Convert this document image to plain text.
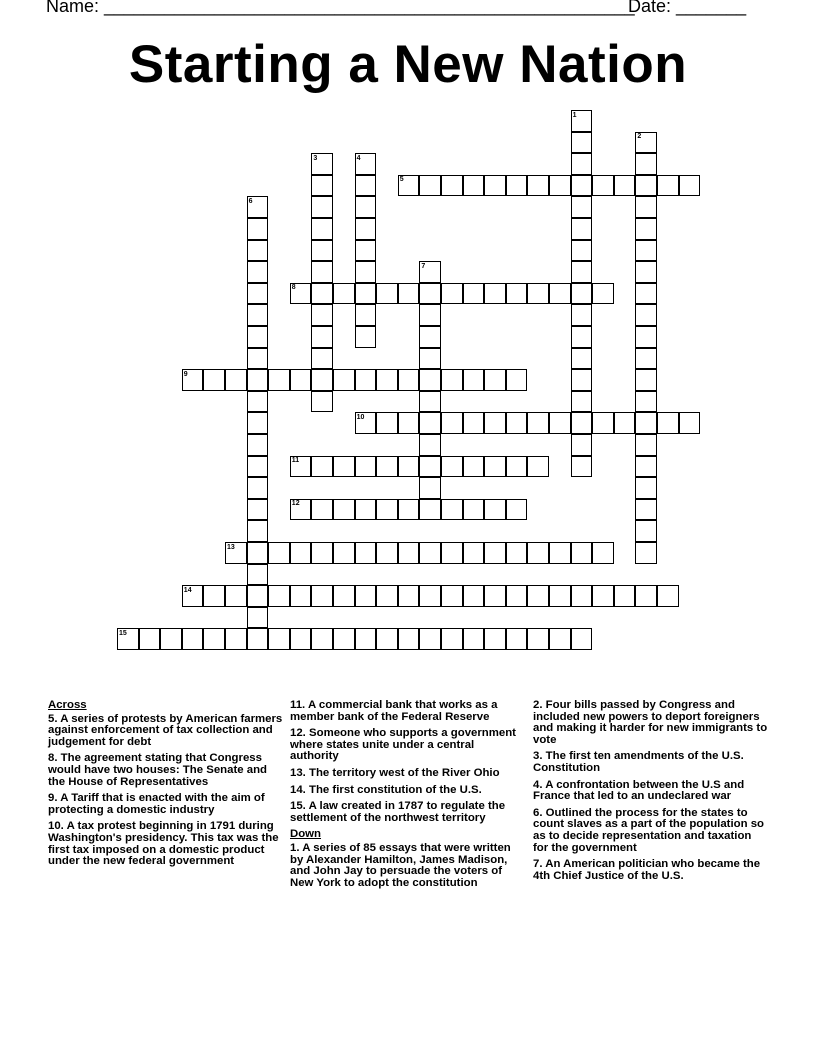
Name: _____________________________________________________
Date: _______
Starting a New Nation
1
2
3	4
5
6
7
8
9
10
11
12
13
14
15
Across
5. A series of protests by American farmers against enforcement of tax collection and judgement for debt
8. The agreement stating that Congress would have two houses: The Senate and the House of Representatives
9. A Tariff that is enacted with the aim of protecting a domestic industry
10. A tax protest beginning in 1791 during Washington's presidency. This tax was the first tax imposed on a domestic product under the new federal government
11. A commercial bank that works as a member bank of the Federal Reserve
12. Someone who supports a government where states unite under a central authority
13. The territory west of the River Ohio
14. The first constitution of the U.S.
15. A law created in 1787 to regulate the settlement of the northwest territory
Down
1. A series of 85 essays that were written by Alexander Hamilton, James Madison, and John Jay to persuade the voters of New York to adopt the constitution
2. Four bills passed by Congress and included new powers to deport foreigners and making it harder for new immigrants to vote
3. The first ten amendments of the U.S. Constitution
4. A confrontation between the U.S and France that led to an undeclared war
6. Outlined the process for the states to count slaves as a part of the population so as to decide representation and taxation for the government
7. An American politician who became the 4th Chief Justice of the U.S.
